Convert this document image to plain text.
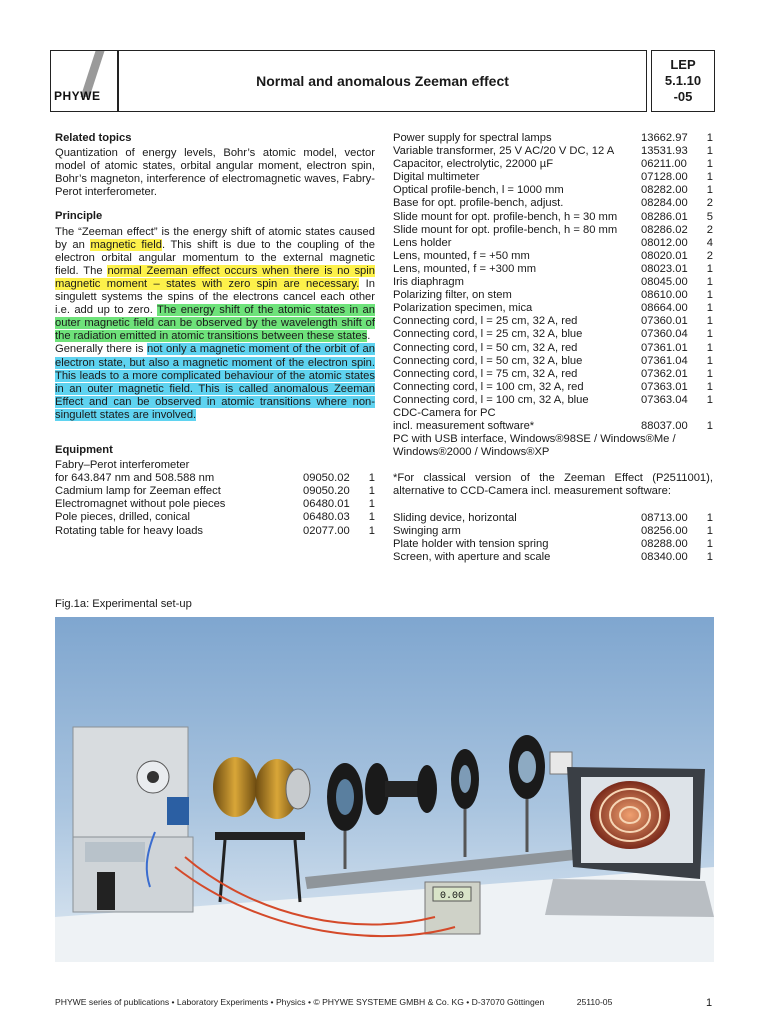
PHYWE
Normal and anomalous Zeeman effect
LEP
5.1.10
-05
Related topics

Quantization of energy levels, Bohr’s atomic model, vector model of atomic states, orbital angular moment, electron spin, Bohr’s magneton, interference of electromagnetic waves, Fabry-Perot interferometer.

Principle

The “Zeeman effect” is the energy shift of atomic states caused by an magnetic field. This shift is due to the coupling of the electron orbital angular momentum to the external magnetic field. The normal Zeeman effect occurs when there is no spin magnetic moment – states with zero spin are necessary. In singulett systems the spins of the electrons cancel each other i.e. add up to zero. The energy shift of the atomic states in an outer magnetic field can be observed by the wavelength shift of the radiation emitted in atomic transitions between these states.
Generally there is not only a magnetic moment of the orbit of an electron state, but also a magnetic moment of the electron spin. This leads to a more complicated behaviour of the atomic states in an outer magnetic field. This is called anomalous Zeeman Effect and can be observed in atomic transitions where non-singulett states are involved.

Equipment
Fabry–Perot interferometer
for 643.847 nm and 508.588 nm	09050.02	1
Cadmium lamp for Zeeman effect	09050.20	1
Electromagnet without pole pieces	06480.01	1
Pole pieces, drilled, conical	06480.03	1
Rotating table for heavy loads	02077.00	1
Power supply for spectral lamps	13662.97	1
Variable transformer, 25 V AC/20 V DC, 12 A	13531.93	1
Capacitor, electrolytic, 22000 µF	06211.00	1
Digital multimeter	07128.00	1
Optical profile-bench, l = 1000 mm	08282.00	1
Base for opt. profile-bench, adjust.	08284.00	2
Slide mount for opt. profile-bench, h = 30 mm	08286.01	5
Slide mount for opt. profile-bench, h = 80 mm	08286.02	2
Lens holder	08012.00	4
Lens, mounted, f = +50 mm	08020.01	2
Lens, mounted, f = +300 mm	08023.01	1
Iris diaphragm	08045.00	1
Polarizing filter, on stem	08610.00	1
Polarization specimen, mica	08664.00	1
Connecting cord, l = 25 cm, 32 A, red	07360.01	1
Connecting cord, l = 25 cm, 32 A, blue	07360.04	1
Connecting cord, l = 50 cm, 32 A, red	07361.01	1
Connecting cord, l = 50 cm, 32 A, blue	07361.04	1
Connecting cord, l = 75 cm, 32 A, red	07362.01	1
Connecting cord, l = 100 cm, 32 A, red	07363.01	1
Connecting cord, l = 100 cm, 32 A, blue	07363.04	1
CDC-Camera for PC
incl. measurement software*	88037.00	1
PC with USB interface, Windows®98SE / Windows®Me /
Windows®2000 / Windows®XP

*For classical version of the Zeeman Effect (P2511001), alternative to CCD-Camera incl. measurement software:

Sliding device, horizontal	08713.00	1
Swinging arm	08256.00	1
Plate holder with tension spring	08288.00	1
Screen, with aperture and scale	08340.00	1
Fig.1a: Experimental set-up
0.00
PHYWE series of publications • Laboratory Experiments • Physics • © PHYWE SYSTEME GMBH & Co. KG • D-37070 Göttingen	25110-05	1
